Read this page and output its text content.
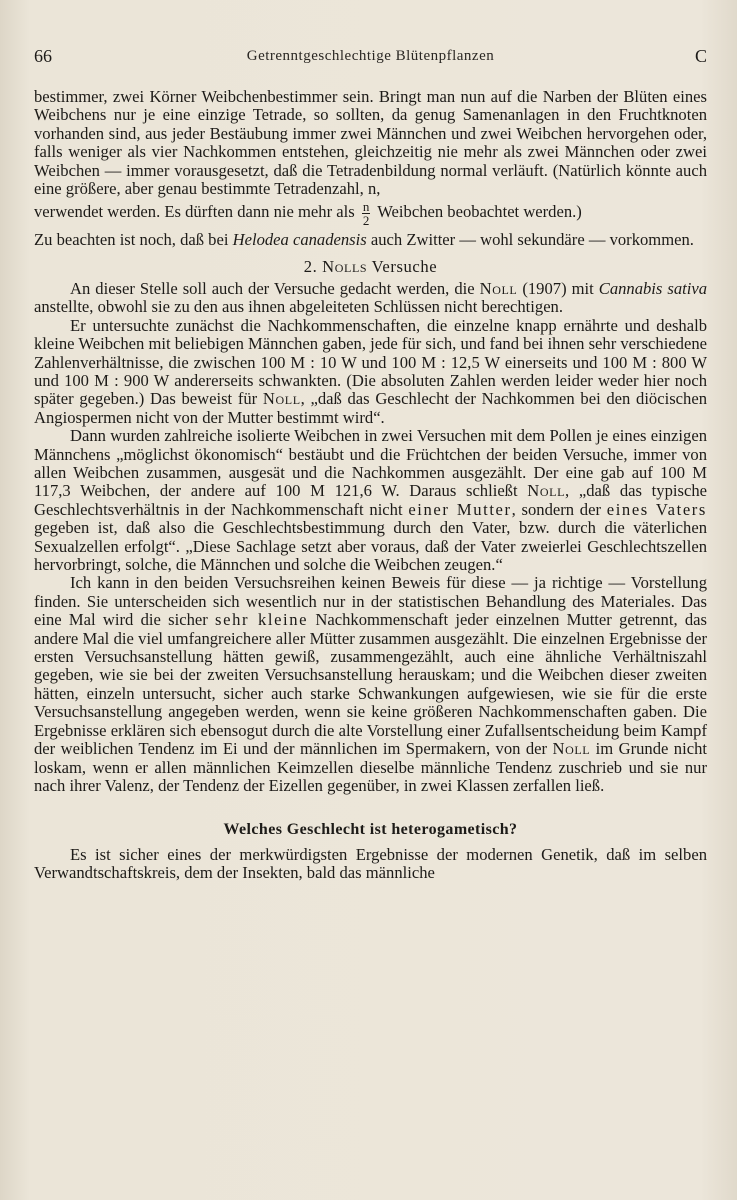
66	Getrenntgeschlechtige Blütenpflanzen	C

bestimmer, zwei Körner Weibchenbestimmer sein. Bringt man nun auf die Narben der Blüten eines Weibchens nur je eine einzige Tetrade, so sollten, da genug Samenanlagen in den Fruchtknoten vorhanden sind, aus jeder Bestäubung immer zwei Männchen und zwei Weibchen hervorgehen oder, falls weniger als vier Nachkommen entstehen, gleichzeitig nie mehr als zwei Männchen oder zwei Weibchen — immer vorausgesetzt, daß die Tetradenbildung normal verläuft. (Natürlich könnte auch eine größere, aber genau bestimmte Tetradenzahl, n,

verwendet werden. Es dürften dann nie mehr als $\frac{n}{2}$ Weibchen beobachtet werden.)

Zu beachten ist noch, daß bei Helodea canadensis auch Zwitter — wohl sekundäre — vorkommen.

2. Nolls Versuche

An dieser Stelle soll auch der Versuche gedacht werden, die Noll (1907) mit Cannabis sativa anstellte, obwohl sie zu den aus ihnen abgeleiteten Schlüssen nicht berechtigen.

Er untersuchte zunächst die Nachkommenschaften, die einzelne knapp ernährte und deshalb kleine Weibchen mit beliebigen Männchen gaben, jede für sich, und fand bei ihnen sehr verschiedene Zahlenverhältnisse, die zwischen 100 M : 10 W und 100 M : 12,5 W einerseits und 100 M : 800 W und 100 M : 900 W andererseits schwankten. (Die absoluten Zahlen werden leider weder hier noch später gegeben.) Das beweist für Noll, „daß das Geschlecht der Nachkommen bei den diöcischen Angiospermen nicht von der Mutter bestimmt wird“.

Dann wurden zahlreiche isolierte Weibchen in zwei Versuchen mit dem Pollen je eines einzigen Männchens „möglichst ökonomisch“ bestäubt und die Früchtchen der beiden Versuche, immer von allen Weibchen zusammen, ausgesät und die Nachkommen ausgezählt. Der eine gab auf 100 M 117,3 Weibchen, der andere auf 100 M 121,6 W. Daraus schließt Noll, „daß das typische Geschlechtsverhältnis in der Nachkommenschaft nicht einer Mutter, sondern der eines Vaters gegeben ist, daß also die Geschlechtsbestimmung durch den Vater, bzw. durch die väterlichen Sexualzellen erfolgt“. „Diese Sachlage setzt aber voraus, daß der Vater zweierlei Geschlechtszellen hervorbringt, solche, die Männchen und solche die Weibchen zeugen.“

Ich kann in den beiden Versuchsreihen keinen Beweis für diese — ja richtige — Vorstellung finden. Sie unterscheiden sich wesentlich nur in der statistischen Behandlung des Materiales. Das eine Mal wird die sicher sehr kleine Nachkommenschaft jeder einzelnen Mutter getrennt, das andere Mal die viel umfangreichere aller Mütter zusammen ausgezählt. Die einzelnen Ergebnisse der ersten Versuchsanstellung hätten gewiß, zusammengezählt, auch eine ähnliche Verhältniszahl gegeben, wie sie bei der zweiten Versuchsanstellung herauskam; und die Weibchen dieser zweiten hätten, einzeln untersucht, sicher auch starke Schwankungen aufgewiesen, wie sie für die erste Versuchsanstellung angegeben werden, wenn sie keine größeren Nachkommenschaften gaben. Die Ergebnisse erklären sich ebensogut durch die alte Vorstellung einer Zufallsentscheidung beim Kampf der weiblichen Tendenz im Ei und der männlichen im Spermakern, von der Noll im Grunde nicht loskam, wenn er allen männlichen Keimzellen dieselbe männliche Tendenz zuschrieb und sie nur nach ihrer Valenz, der Tendenz der Eizellen gegenüber, in zwei Klassen zerfallen ließ.

Welches Geschlecht ist heterogametisch?

Es ist sicher eines der merkwürdigsten Ergebnisse der modernen Genetik, daß im selben Verwandtschaftskreis, dem der Insekten, bald das männliche
